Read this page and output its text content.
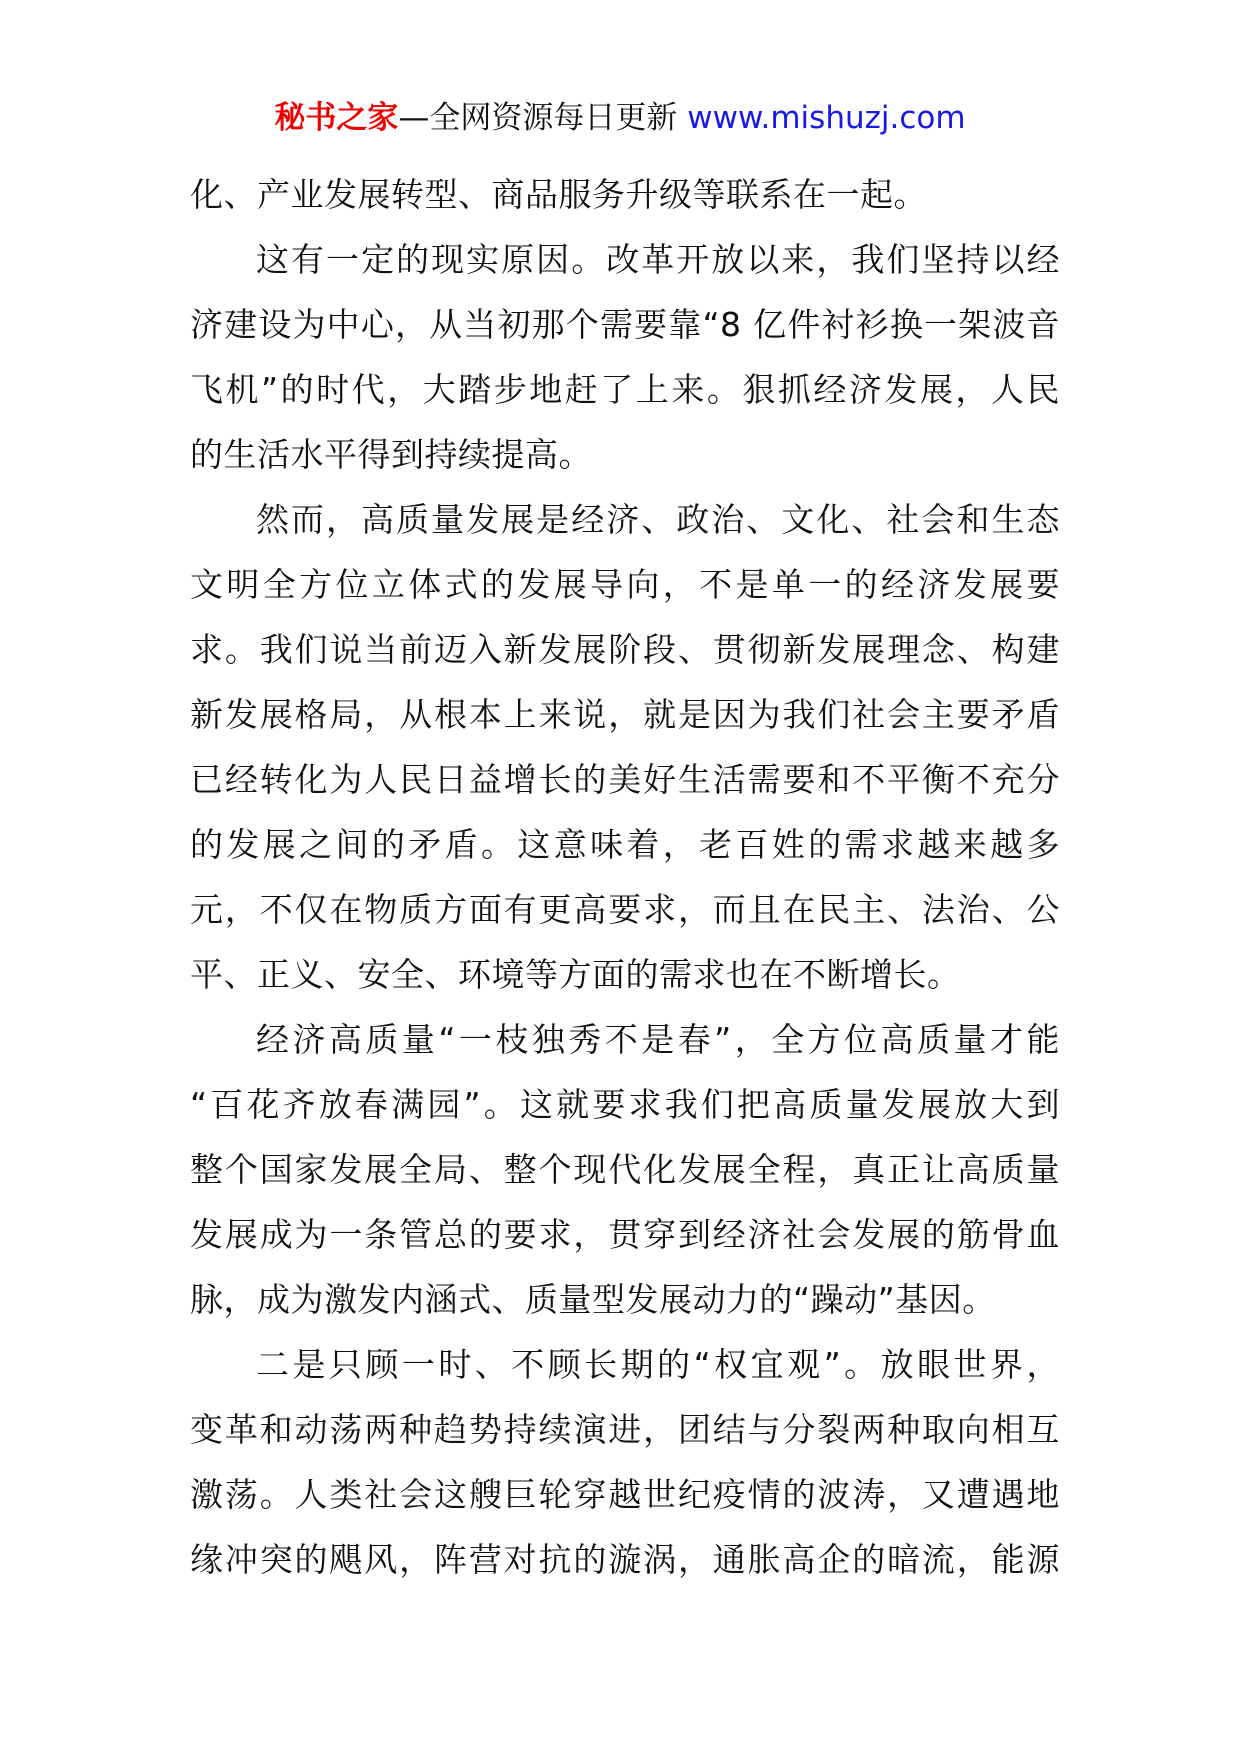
秘书之家—全网资源每日更新 www.mishuzj.com
化、产业发展转型、商品服务升级等联系在一起。
这有一定的现实原因。改革开放以来，我们坚持以经
济建设为中心，从当初那个需要靠“8 亿件衬衫换一架波音
飞机”的时代，大踏步地赶了上来。狠抓经济发展，人民
的生活水平得到持续提高。
然而，高质量发展是经济、政治、文化、社会和生态
文明全方位立体式的发展导向，不是单一的经济发展要
求。我们说当前迈入新发展阶段、贯彻新发展理念、构建
新发展格局，从根本上来说，就是因为我们社会主要矛盾
已经转化为人民日益增长的美好生活需要和不平衡不充分
的发展之间的矛盾。这意味着，老百姓的需求越来越多
元，不仅在物质方面有更高要求，而且在民主、法治、公
平、正义、安全、环境等方面的需求也在不断增长。
经济高质量“一枝独秀不是春”，全方位高质量才能
“百花齐放春满园”。这就要求我们把高质量发展放大到
整个国家发展全局、整个现代化发展全程，真正让高质量
发展成为一条管总的要求，贯穿到经济社会发展的筋骨血
脉，成为激发内涵式、质量型发展动力的“躁动”基因。
二是只顾一时、不顾长期的“权宜观”。放眼世界，
变革和动荡两种趋势持续演进，团结与分裂两种取向相互
激荡。人类社会这艘巨轮穿越世纪疫情的波涛，又遭遇地
缘冲突的飓风，阵营对抗的漩涡，通胀高企的暗流，能源
